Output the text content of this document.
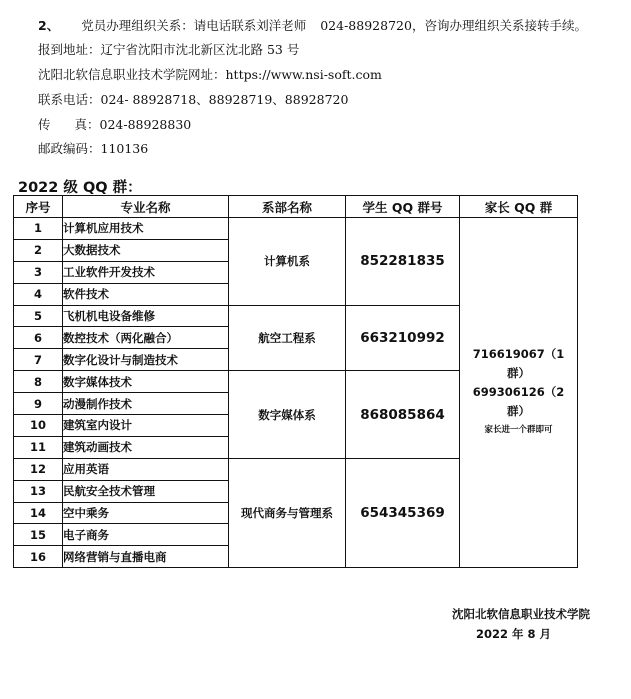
2、 党员办理组织关系：请电话联系刘洋老师 024-88928720，咨询办理组织关系接转手续。
报到地址：辽宁省沈阳市沈北新区沈北路 53 号
沈阳北软信息职业技术学院网址：https://www.nsi-soft.com
联系电话：024- 88928718、88928719、88928720
传 真：024-88928830
邮政编码：110136
2022 级 QQ 群：
序号	专业名称	系部名称	学生 QQ 群号	家长 QQ 群
1	计算机应用技术	计算机系	852281835	716619067（1 群）
699306126（2 群）

家长进一个群即可

2	大数据技术			
3	工业软件开发技术			
4	软件技术			
5	飞机机电设备维修	航空工程系	663210992	
6	数控技术（两化融合）			
7	数字化设计与制造技术			
8	数字媒体技术	数字媒体系	868085864	
9	动漫制作技术			
10	建筑室内设计			
11	建筑动画技术			
12	应用英语	现代商务与管理系	654345369	
13	民航安全技术管理			
14	空中乘务			
15	电子商务			
16	网络营销与直播电商			
沈阳北软信息职业技术学院
2022 年 8 月
